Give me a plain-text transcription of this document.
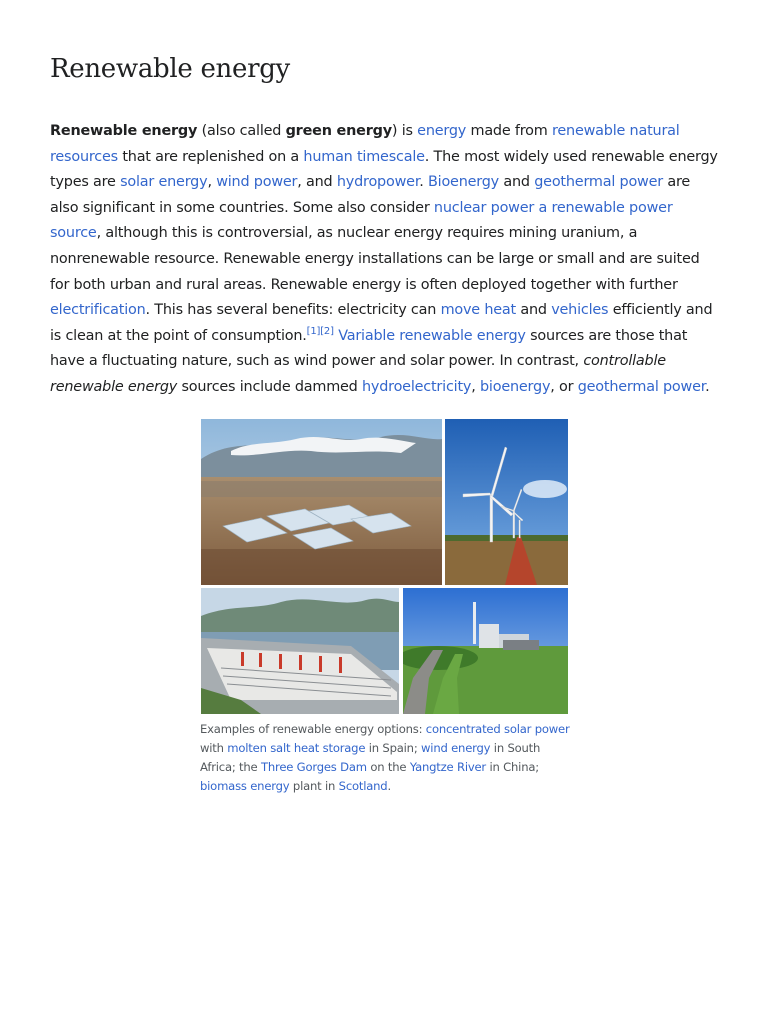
Renewable energy

Renewable energy (also called green energy) is energy made from renewable natural resources that are replenished on a human timescale. The most widely used renewable energy types are solar energy, wind power, and hydropower. Bioenergy and geothermal power are also significant in some countries. Some also consider nuclear power a renewable power source, although this is controversial, as nuclear energy requires mining uranium, a nonrenewable resource. Renewable energy installations can be large or small and are suited for both urban and rural areas. Renewable energy is often deployed together with further electrification. This has several benefits: electricity can move heat and vehicles efficiently and is clean at the point of consumption.[1][2] Variable renewable energy sources are those that have a fluctuating nature, such as wind power and solar power. In contrast, controllable renewable energy sources include dammed hydroelectricity, bioenergy, or geothermal power.

Examples of renewable energy options: concentrated solar power with molten salt heat storage in Spain; wind energy in South Africa; the Three Gorges Dam on the Yangtze River in China; biomass energy plant in Scotland.
